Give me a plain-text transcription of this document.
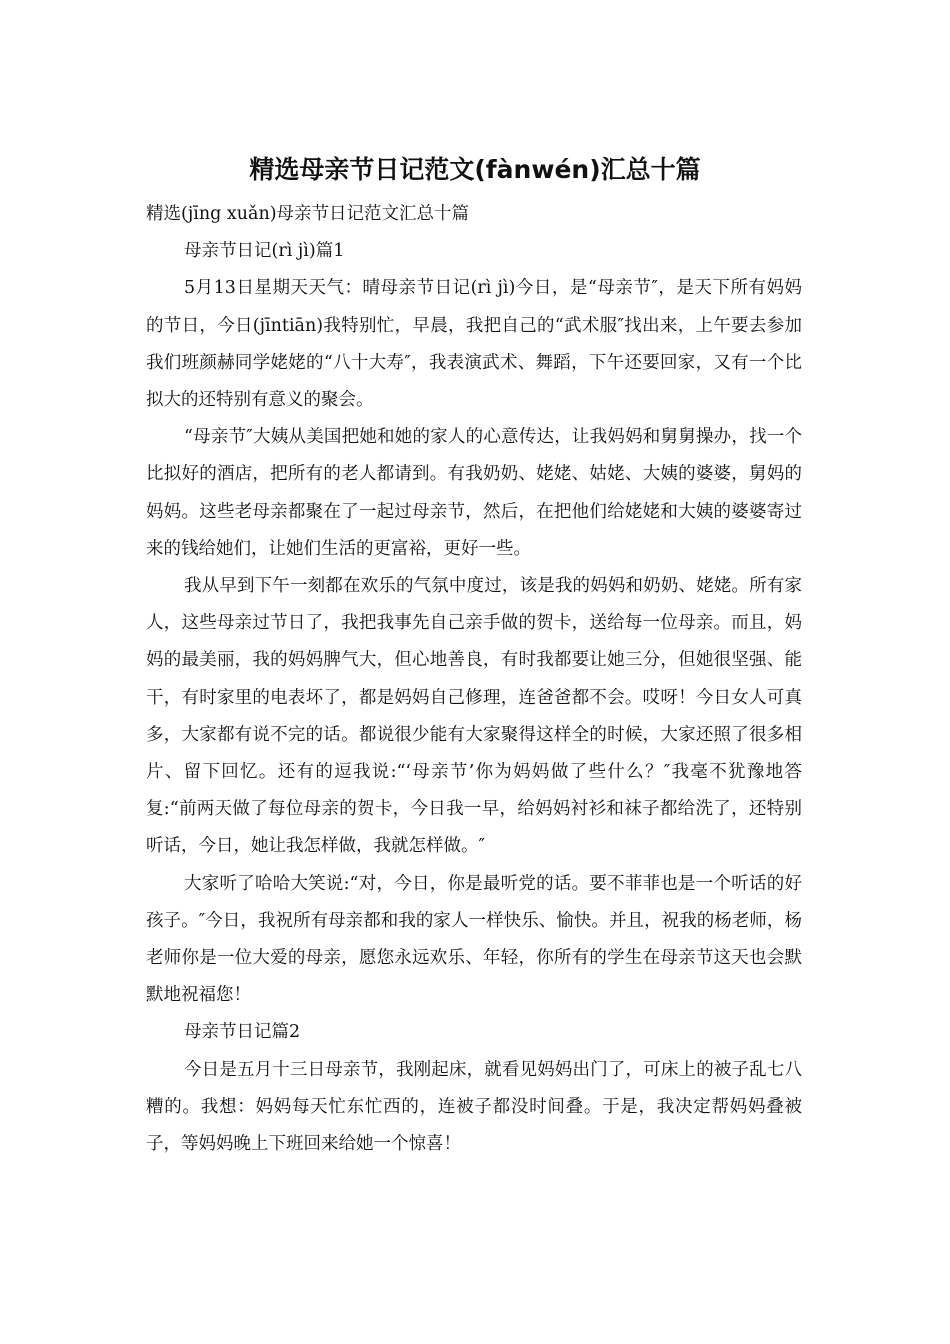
精选母亲节日记范文(fànwén)汇总十篇

精选(jīng xuǎn)母亲节日记范文汇总十篇

母亲节日记(rì jì)篇1

5月13日星期天天气：晴母亲节日记(rì jì)今日，是“母亲节″，是天下所有妈妈的节日，今日(jīntiān)我特别忙，早晨，我把自己的“武术服″找出来，上午要去参加我们班颜赫同学姥姥的“八十大寿″，我表演武术、舞蹈，下午还要回家，又有一个比拟大的还特别有意义的聚会。

“母亲节″大姨从美国把她和她的家人的心意传达，让我妈妈和舅舅操办，找一个比拟好的酒店，把所有的老人都请到。有我奶奶、姥姥、姑姥、大姨的婆婆，舅妈的妈妈。这些老母亲都聚在了一起过母亲节，然后，在把他们给姥姥和大姨的婆婆寄过来的钱给她们，让她们生活的更富裕，更好一些。

我从早到下午一刻都在欢乐的气氛中度过，该是我的妈妈和奶奶、姥姥。所有家人，这些母亲过节日了，我把我事先自己亲手做的贺卡，送给每一位母亲。而且，妈妈的最美丽，我的妈妈脾气大，但心地善良，有时我都要让她三分，但她很坚强、能干，有时家里的电表坏了，都是妈妈自己修理，连爸爸都不会。哎呀！今日女人可真多，大家都有说不完的话。都说很少能有大家聚得这样全的时候，大家还照了很多相片、留下回忆。还有的逗我说:“‘母亲节’你为妈妈做了些什么？″我毫不犹豫地答复:“前两天做了每位母亲的贺卡，今日我一早，给妈妈衬衫和袜子都给洗了，还特别听话，今日，她让我怎样做，我就怎样做。″

大家听了哈哈大笑说:“对，今日，你是最听党的话。要不菲菲也是一个听话的好孩子。″今日，我祝所有母亲都和我的家人一样快乐、愉快。并且，祝我的杨老师，杨老师你是一位大爱的母亲，愿您永远欢乐、年轻，你所有的学生在母亲节这天也会默默地祝福您！

母亲节日记篇2

今日是五月十三日母亲节，我刚起床，就看见妈妈出门了，可床上的被子乱七八糟的。我想：妈妈每天忙东忙西的，连被子都没时间叠。于是，我决定帮妈妈叠被子，等妈妈晚上下班回来给她一个惊喜！
